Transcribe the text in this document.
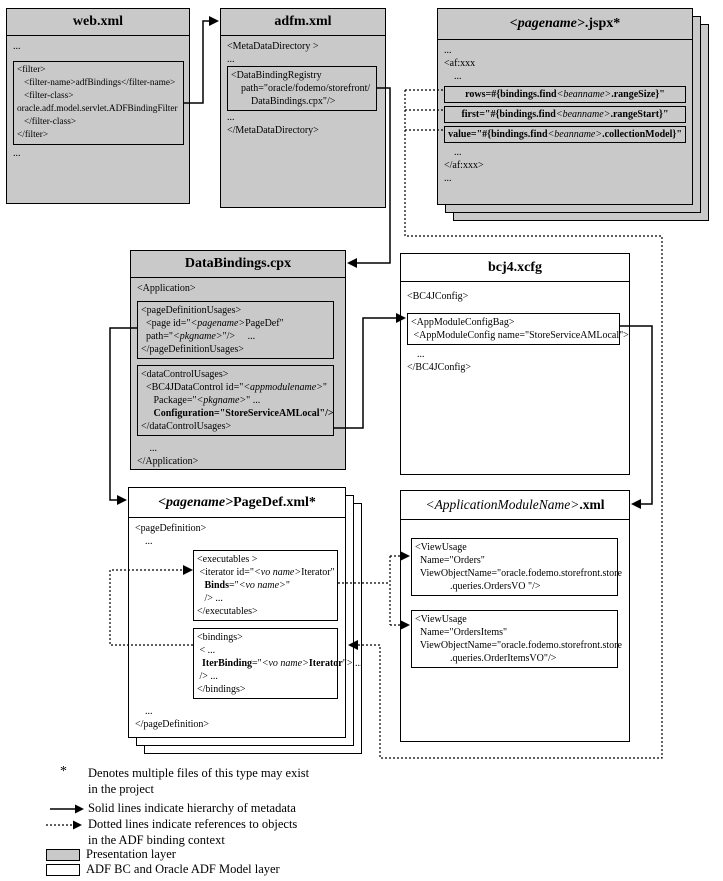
web.xml
...
<filter>
<filter-name>adfBindings</filter-name>
<filter-class>
oracle.adf.model.servlet.ADFBindingFilter
</filter-class>
</filter>
...
adfm.xml
<MetaDataDirectory >
...
<DataBindingRegistry
path="oracle/fodemo/storefront/
DataBindings.cpx"/>
...
</MetaDataDirectory>
<pagename>.jspx*
...
<af:xxx
...
rows=#{bindings.find<beanname>.rangeSize}"
first="#{bindings.find<beanname>.rangeStart}"
value="#{bindings.find<beanname>.collectionModel}"
...
</af:xxx>
...
DataBindings.cpx
<Application>
<pageDefinitionUsages>
<page id="<pagename>PageDef"
path="<pkgname>"/>     ...
</pageDefinitionUsages>
<dataControlUsages>
<BC4JDataControl id="<appmodulename>"
Package="<pkgname>" ...
Configuration="StoreServiceAMLocal"/>
</dataControlUsages>
...
</Application>
bcj4.xcfg
<BC4JConfig>
<AppModuleConfigBag>
<AppModuleConfig name="StoreServiceAMLocal">
...
</BC4JConfig>
<pagename>PageDef.xml*
<pageDefinition>
...
<executables >
<iterator id="<vo name>Iterator"
Binds="<vo name>"
/> ...
</executables>
<bindings>
< ...
IterBinding="<vo name>Iterator"> ...
/> ...
</bindings>
...
</pageDefinition>
<ApplicationModuleName>.xml
<ViewUsage
Name="Orders"
ViewObjectName="oracle.fodemo.storefront.store
.queries.OrdersVO "/>
<ViewUsage
Name="OrdersItems"
ViewObjectName="oracle.fodemo.storefront.store
.queries.OrderItemsVO"/>
* Denotes multiple files of this type may exist
in the project
Solid lines indicate hierarchy of metadata
Dotted lines indicate references to objects
in the ADF binding context
Presentation layer
ADF BC and Oracle ADF Model layer
